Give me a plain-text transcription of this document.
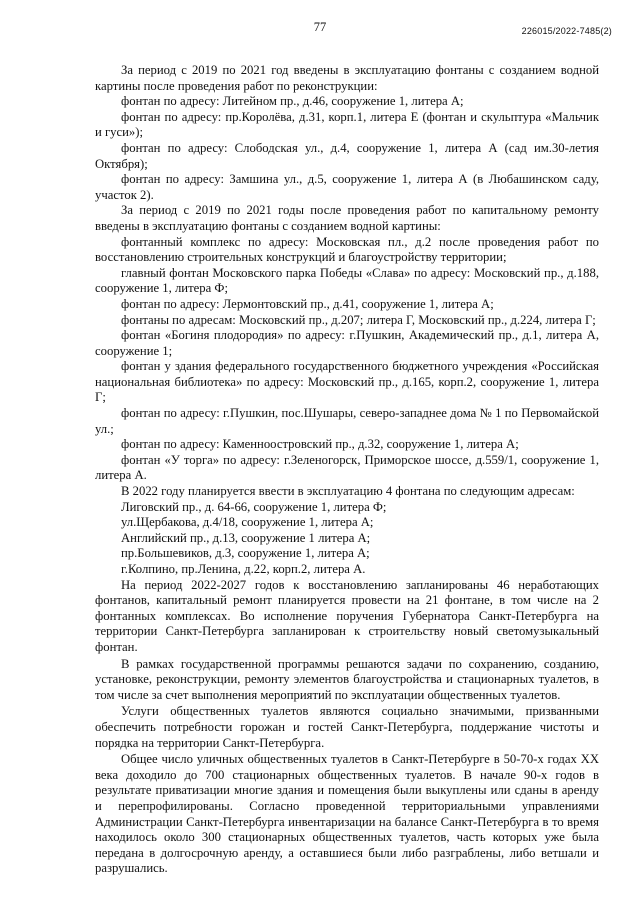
77	226015/2022-7485(2)

За период с 2019 по 2021 год введены в эксплуатацию фонтаны с созданием водной картины после проведения работ по реконструкции:

фонтан по адресу: Литейном пр., д.46, сооружение 1, литера А;

фонтан по адресу: пр.Королёва, д.31, корп.1, литера Е (фонтан и скульптура «Мальчик и гуси»);

фонтан по адресу: Слободская ул., д.4, сооружение 1, литера А (сад им.30-летия Октября);

фонтан по адресу: Замшина ул., д.5, сооружение 1, литера А (в Любашинском саду, участок 2).

За период с 2019 по 2021 годы после проведения работ по капитальному ремонту введены в эксплуатацию фонтаны с созданием водной картины:

фонтанный комплекс по адресу: Московская пл., д.2 после проведения работ по восстановлению строительных конструкций и благоустройству территории;

главный фонтан Московского парка Победы «Слава» по адресу: Московский пр., д.188, сооружение 1, литера Ф;

фонтан по адресу: Лермонтовский пр., д.41, сооружение 1, литера А;

фонтаны по адресам: Московский пр., д.207; литера Г, Московский пр., д.224, литера Г;

фонтан «Богиня плодородия» по адресу: г.Пушкин, Академический пр., д.1, литера А, сооружение 1;

фонтан у здания федерального государственного бюджетного учреждения «Российская национальная библиотека» по адресу: Московский пр., д.165, корп.2, сооружение 1, литера Г;

фонтан по адресу: г.Пушкин, пос.Шушары, северо-западнее дома № 1 по Первомайской ул.;

фонтан по адресу: Каменноостровский пр., д.32, сооружение 1, литера А;

фонтан «У торга» по адресу: г.Зеленогорск, Приморское шоссе, д.559/1, сооружение 1, литера А.

В 2022 году планируется ввести в эксплуатацию 4 фонтана по следующим адресам:

Лиговский пр., д. 64-66, сооружение 1, литера Ф;

ул.Щербакова, д.4/18, сооружение 1, литера А;

Английский пр., д.13, сооружение 1 литера А;

пр.Большевиков, д.3, сооружение 1, литера А;

г.Колпино, пр.Ленина, д.22, корп.2, литера А.

На период 2022-2027 годов к восстановлению запланированы 46 неработающих фонтанов, капитальный ремонт планируется провести на 21 фонтане, в том числе на 2 фонтанных комплексах. Во исполнение поручения Губернатора Санкт-Петербурга на территории Санкт-Петербурга запланирован к строительству новый светомузыкальный фонтан.

В рамках государственной программы решаются задачи по сохранению, созданию, установке, реконструкции, ремонту элементов благоустройства и стационарных туалетов, в том числе за счет выполнения мероприятий по эксплуатации общественных туалетов.

Услуги общественных туалетов являются социально значимыми, призванными обеспечить потребности горожан и гостей Санкт-Петербурга, поддержание чистоты и порядка на территории Санкт-Петербурга.

Общее число уличных общественных туалетов в Санкт-Петербурге в 50-70-х годах XX века доходило до 700 стационарных общественных туалетов. В начале 90-х годов в результате приватизации многие здания и помещения были выкуплены или сданы в аренду и перепрофилированы. Согласно проведенной территориальными управлениями Администрации Санкт-Петербурга инвентаризации на балансе Санкт-Петербурга в то время находилось около 300 стационарных общественных туалетов, часть которых уже была передана в долгосрочную аренду, а оставшиеся были либо разграблены, либо ветшали и разрушались.
